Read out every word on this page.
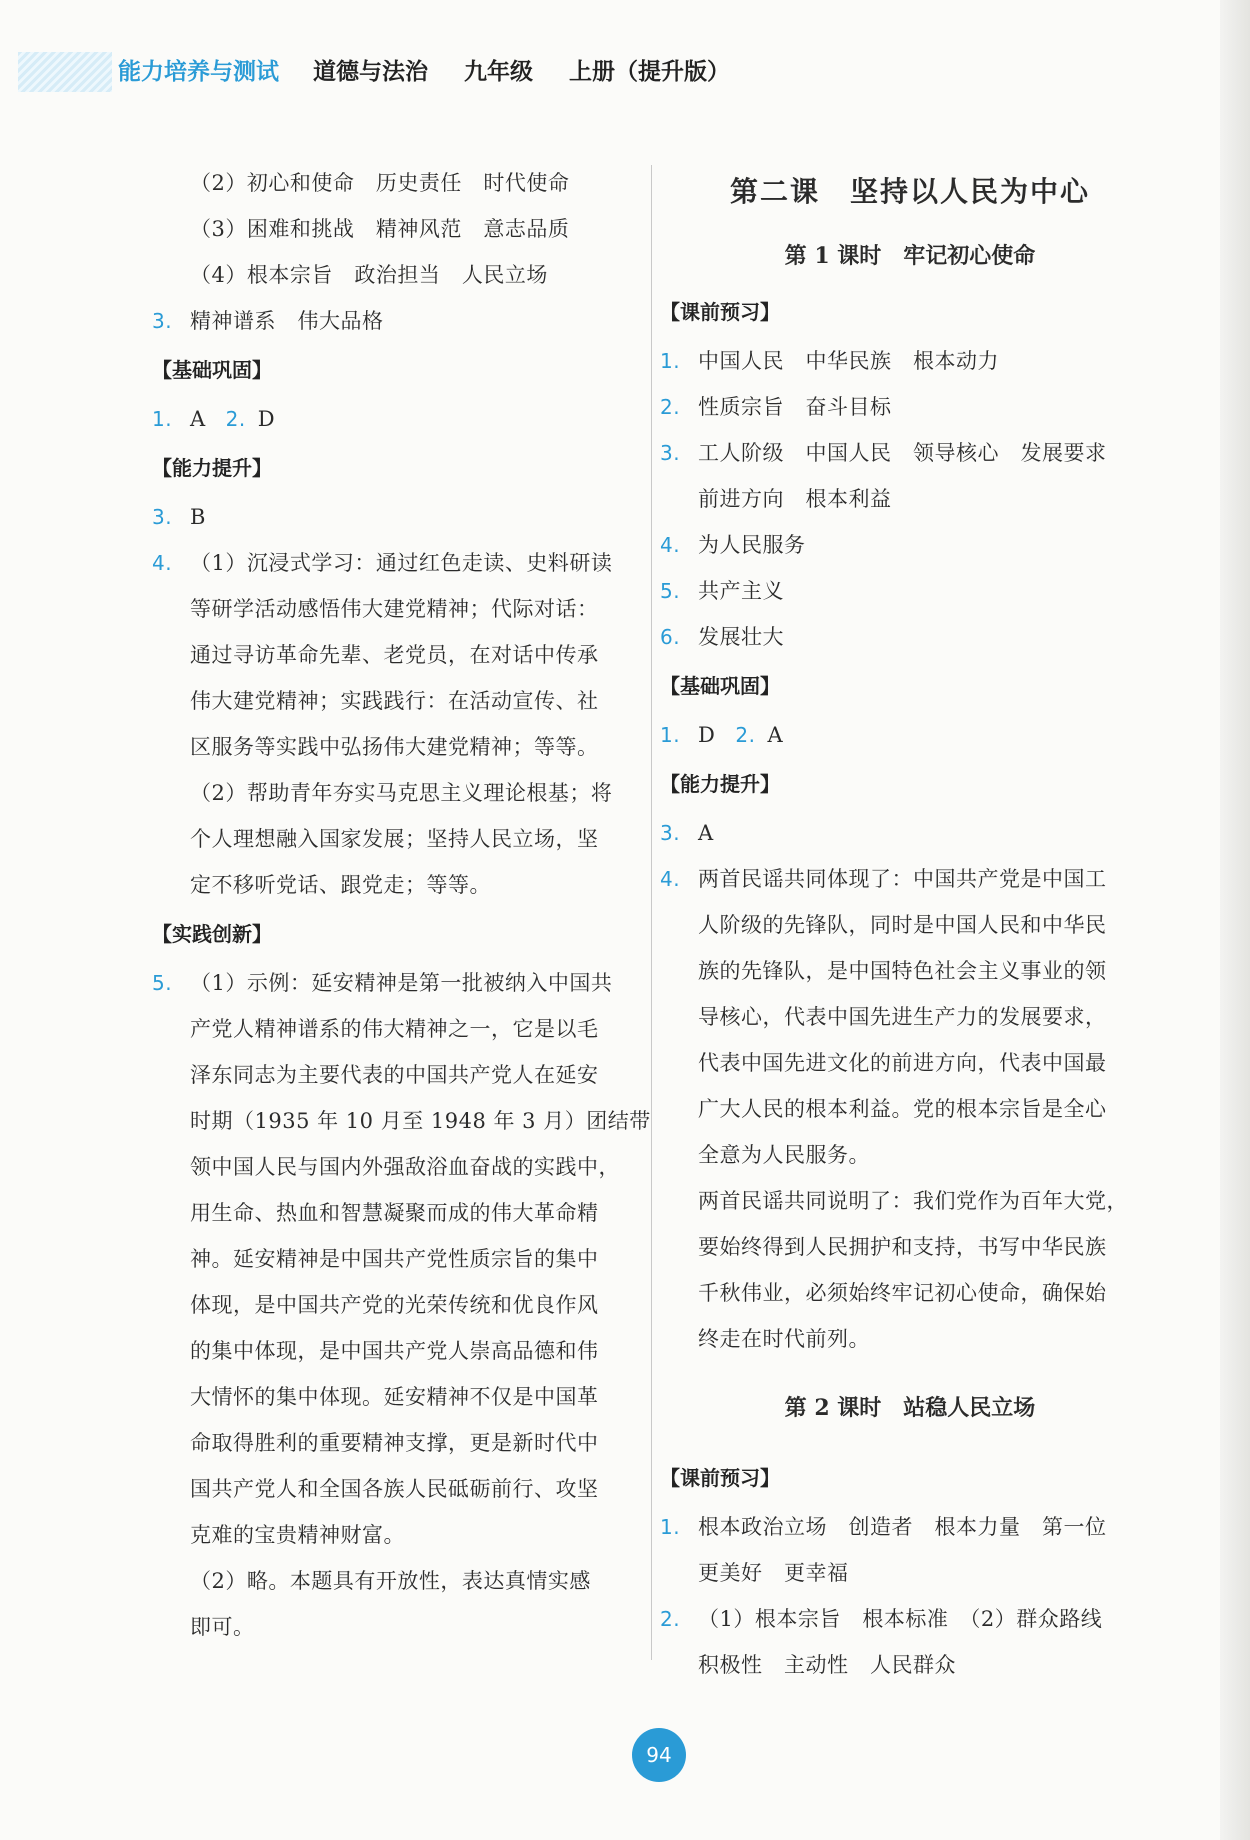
能力培养与测试 道德与法治 九年级 上册（提升版）
（2）初心和使命　历史责任　时代使命
（3）困难和挑战　精神风范　意志品质
（4）根本宗旨　政治担当　人民立场
3. 精神谱系　伟大品格
【基础巩固】
1. A 2. D
【能力提升】
3. B
4. （1）沉浸式学习：通过红色走读、史料研读
等研学活动感悟伟大建党精神；代际对话：
通过寻访革命先辈、老党员，在对话中传承
伟大建党精神；实践践行：在活动宣传、社
区服务等实践中弘扬伟大建党精神；等等。
（2）帮助青年夯实马克思主义理论根基；将
个人理想融入国家发展；坚持人民立场，坚
定不移听党话、跟党走；等等。
【实践创新】
5. （1）示例：延安精神是第一批被纳入中国共
产党人精神谱系的伟大精神之一，它是以毛
泽东同志为主要代表的中国共产党人在延安
时期（1935 年 10 月至 1948 年 3 月）团结带
领中国人民与国内外强敌浴血奋战的实践中，
用生命、热血和智慧凝聚而成的伟大革命精
神。延安精神是中国共产党性质宗旨的集中
体现，是中国共产党的光荣传统和优良作风
的集中体现，是中国共产党人崇高品德和伟
大情怀的集中体现。延安精神不仅是中国革
命取得胜利的重要精神支撑，更是新时代中
国共产党人和全国各族人民砥砺前行、攻坚
克难的宝贵精神财富。
（2）略。本题具有开放性，表达真情实感
即可。
第二课　坚持以人民为中心
第 1 课时　牢记初心使命
【课前预习】
1. 中国人民　中华民族　根本动力
2. 性质宗旨　奋斗目标
3. 工人阶级　中国人民　领导核心　发展要求
前进方向　根本利益
4. 为人民服务
5. 共产主义
6. 发展壮大
【基础巩固】
1. D 2. A
【能力提升】
3. A
4. 两首民谣共同体现了：中国共产党是中国工
人阶级的先锋队，同时是中国人民和中华民
族的先锋队，是中国特色社会主义事业的领
导核心，代表中国先进生产力的发展要求，
代表中国先进文化的前进方向，代表中国最
广大人民的根本利益。党的根本宗旨是全心
全意为人民服务。
两首民谣共同说明了：我们党作为百年大党，
要始终得到人民拥护和支持，书写中华民族
千秋伟业，必须始终牢记初心使命，确保始
终走在时代前列。
第 2 课时　站稳人民立场
【课前预习】
1. 根本政治立场　创造者　根本力量　第一位
更美好　更幸福
2. （1）根本宗旨　根本标准　（2）群众路线
积极性　主动性　人民群众
94
